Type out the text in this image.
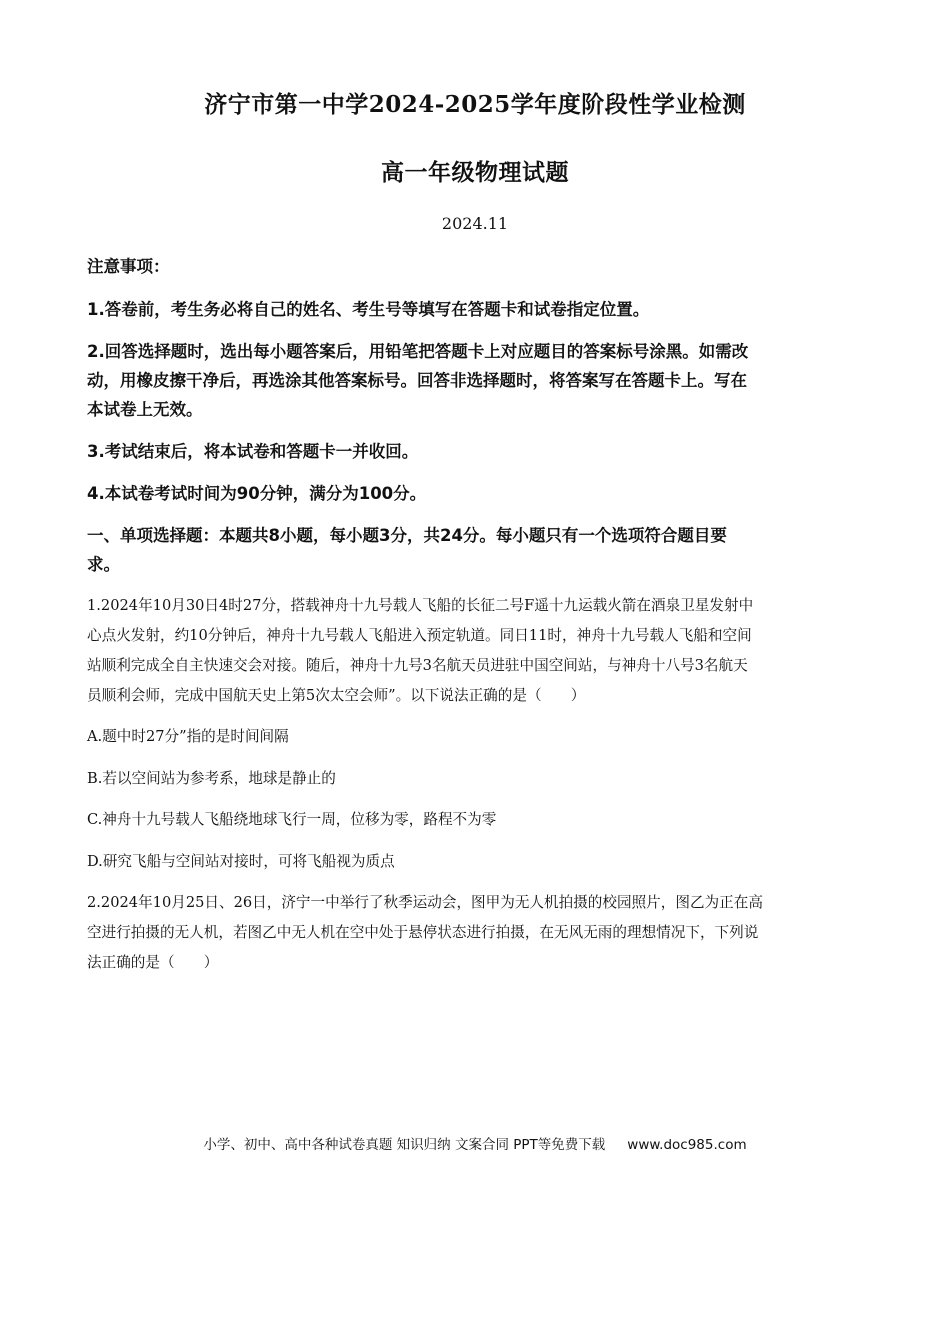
济宁市第一中学2024-2025学年度阶段性学业检测
高一年级物理试题
2024.11

注意事项：

1.答卷前，考生务必将自己的姓名、考生号等填写在答题卡和试卷指定位置。

2.回答选择题时，选出每小题答案后，用铅笔把答题卡上对应题目的答案标号涂黑。如需改

动，用橡皮擦干净后，再选涂其他答案标号。回答非选择题时，将答案写在答题卡上。写在

本试卷上无效。

3.考试结束后，将本试卷和答题卡一并收回。

4.本试卷考试时间为90分钟，满分为100分。

一、单项选择题：本题共8小题，每小题3分，共24分。每小题只有一个选项符合题目要

求。

1.2024年10月30日4时27分，搭载神舟十九号载人飞船的长征二号F遥十九运载火箭在酒泉卫星发射中

心点火发射，约10分钟后，神舟十九号载人飞船进入预定轨道。同日11时，神舟十九号载人飞船和空间

站顺利完成全自主快速交会对接。随后，神舟十九号3名航天员进驻中国空间站，与神舟十八号3名航天

员顺利会师，完成中国航天史上第5次太空会师”。以下说法正确的是（　　）

A.题中时27分”指的是时间间隔

B.若以空间站为参考系，地球是静止的

C.神舟十九号载人飞船绕地球飞行一周，位移为零，路程不为零

D.研究飞船与空间站对接时，可将飞船视为质点

2.2024年10月25日、26日，济宁一中举行了秋季运动会，图甲为无人机拍摄的校园照片，图乙为正在高

空进行拍摄的无人机，若图乙中无人机在空中处于悬停状态进行拍摄，在无风无雨的理想情况下，下列说

法正确的是（　　）

小学、初中、高中各种试卷真题 知识归纳 文案合同 PPT等免费下载 www.doc985.com
